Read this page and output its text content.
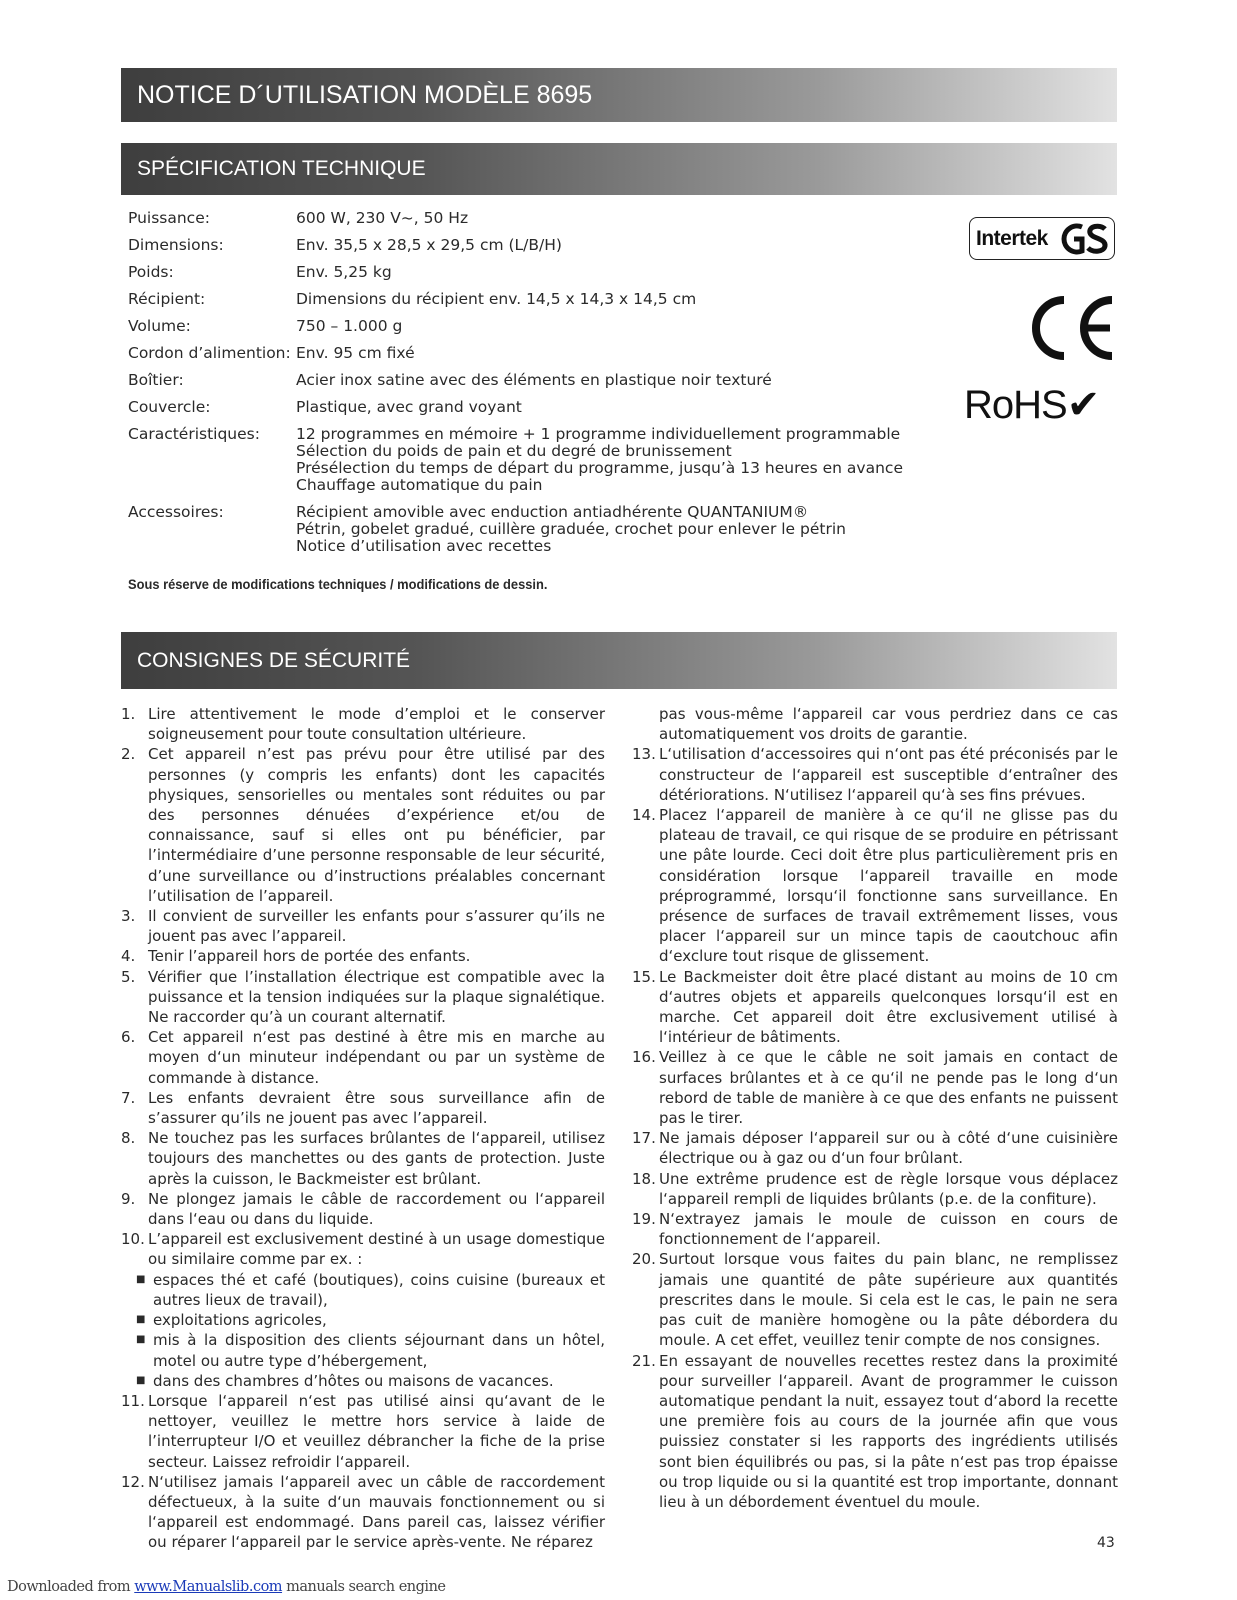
NOTICE D´UTILISATION MODÈLE 8695
SPÉCIFICATION TECHNIQUE
Puissance:	600 W, 230 V~, 50 Hz
Dimensions:	Env. 35,5 x 28,5 x 29,5 cm (L/B/H)
Poids:	Env. 5,25 kg
Récipient:	Dimensions du récipient env. 14,5 x 14,3 x 14,5 cm
Volume:	750 – 1.000 g
Cordon d’alimention: Env. 95 cm fixé
Boîtier:	Acier inox satine avec des éléments en plastique noir texturé
Couvercle:	Plastique, avec grand voyant
Caractéristiques:	12 programmes en mémoire + 1 programme individuellement programmable
Sélection du poids de pain et du degré de brunissement
Présélection du temps de départ du programme, jusqu’à 13 heures en avance
Chauffage automatique du pain
Accessoires:	Récipient amovible avec enduction antiadhérente QUANTANIUM®
Pétrin, gobelet gradué, cuillère graduée, crochet pour enlever le pétrin
Notice d’utilisation avec recettes
Sous réserve de modifications techniques / modifications de dessin.
Intertek
RoHS✔
CONSIGNES DE SÉCURITÉ
1. Lire attentivement le mode d’emploi et le conserver soigneusement pour toute consultation ultérieure.
2. Cet appareil n’est pas prévu pour être utilisé par des personnes (y compris les enfants) dont les capacités physiques, sensorielles ou mentales sont réduites ou par des personnes dénuées d’expérience et/ou de connaissance, sauf si elles ont pu bénéficier, par l’intermédiaire d’une personne responsable de leur sécurité, d’une surveillance ou d’instructions préalables concernant l’utilisation de l’appareil.
3. Il convient de surveiller les enfants pour s’assurer qu’ils ne jouent pas avec l’appareil.
4. Tenir l’appareil hors de portée des enfants.
5. Vérifier que l’installation électrique est compatible avec la puissance et la tension indiquées sur la plaque signalétique. Ne raccorder qu’à un courant alternatif.
6. Cet appareil n‘est pas destiné à être mis en marche au moyen d‘un minuteur indépendant ou par un système de commande à distance.
7. Les enfants devraient être sous surveillance afin de s’assurer qu’ils ne jouent pas avec l’appareil.
8. Ne touchez pas les surfaces brûlantes de l‘appareil, utilisez toujours des manchettes ou des gants de protection. Juste après la cuisson, le Backmeister est brûlant.
9. Ne plongez jamais le câble de raccordement ou l‘appareil dans l‘eau ou dans du liquide.
10. L’appareil est exclusivement destiné à un usage domestique ou similaire comme par ex. :
■ espaces thé et café (boutiques), coins cuisine (bureaux et autres lieux de travail),
■ exploitations agricoles,
■ mis à la disposition des clients séjournant dans un hôtel, motel ou autre type d’hébergement,
■ dans des chambres d’hôtes ou maisons de vacances.
11. Lorsque l‘appareil n‘est pas utilisé ainsi qu‘avant de le nettoyer, veuillez le mettre hors service à laide de l’interrupteur I/O et veuillez débrancher la fiche de la prise secteur. Laissez refroidir l‘appareil.
12. N‘utilisez jamais l‘appareil avec un câble de raccordement défectueux, à la suite d‘un mauvais fonctionnement ou si l‘appareil est endommagé. Dans pareil cas, laissez vérifier ou réparer l‘appareil par le service après-vente. Ne réparez
pas vous-même l‘appareil car vous perdriez dans ce cas automatiquement vos droits de garantie.
13. L‘utilisation d‘accessoires qui n‘ont pas été préconisés par le constructeur de l‘appareil est susceptible d‘entraîner des détériorations. N‘utilisez l‘appareil qu‘à ses fins prévues.
14. Placez l‘appareil de manière à ce qu‘il ne glisse pas du plateau de travail, ce qui risque de se produire en pétrissant une pâte lourde. Ceci doit être plus particulièrement pris en considération lorsque l‘appareil travaille en mode préprogrammé, lorsqu‘il fonctionne sans surveillance. En présence de surfaces de travail extrêmement lisses, vous placer l‘appareil sur un mince tapis de caoutchouc afin d‘exclure tout risque de glissement.
15. Le Backmeister doit être placé distant au moins de 10 cm d‘autres objets et appareils quelconques lorsqu‘il est en marche. Cet appareil doit être exclusivement utilisé à l‘intérieur de bâtiments.
16. Veillez à ce que le câble ne soit jamais en contact de surfaces brûlantes et à ce qu‘il ne pende pas le long d‘un rebord de table de manière à ce que des enfants ne puissent pas le tirer.
17. Ne jamais déposer l‘appareil sur ou à côté d‘une cuisinière électrique ou à gaz ou d‘un four brûlant.
18. Une extrême prudence est de règle lorsque vous déplacez l‘appareil rempli de liquides brûlants (p.e. de la confiture).
19. N‘extrayez jamais le moule de cuisson en cours de fonctionnement de l‘appareil.
20. Surtout lorsque vous faites du pain blanc, ne remplissez jamais une quantité de pâte supérieure aux quantités prescrites dans le moule. Si cela est le cas, le pain ne sera pas cuit de manière homogène ou la pâte débordera du moule. A cet effet, veuillez tenir compte de nos consignes.
21. En essayant de nouvelles recettes restez dans la proximité pour surveiller l‘appareil. Avant de programmer le cuisson automatique pendant la nuit, essayez tout d‘abord la recette une première fois au cours de la journée afin que vous puissiez constater si les rapports des ingrédients utilisés sont bien équilibrés ou pas, si la pâte n‘est pas trop épaisse ou trop liquide ou si la quantité est trop importante, donnant lieu à un débordement éventuel du moule.
43
Downloaded from www.Manualslib.com manuals search engine
